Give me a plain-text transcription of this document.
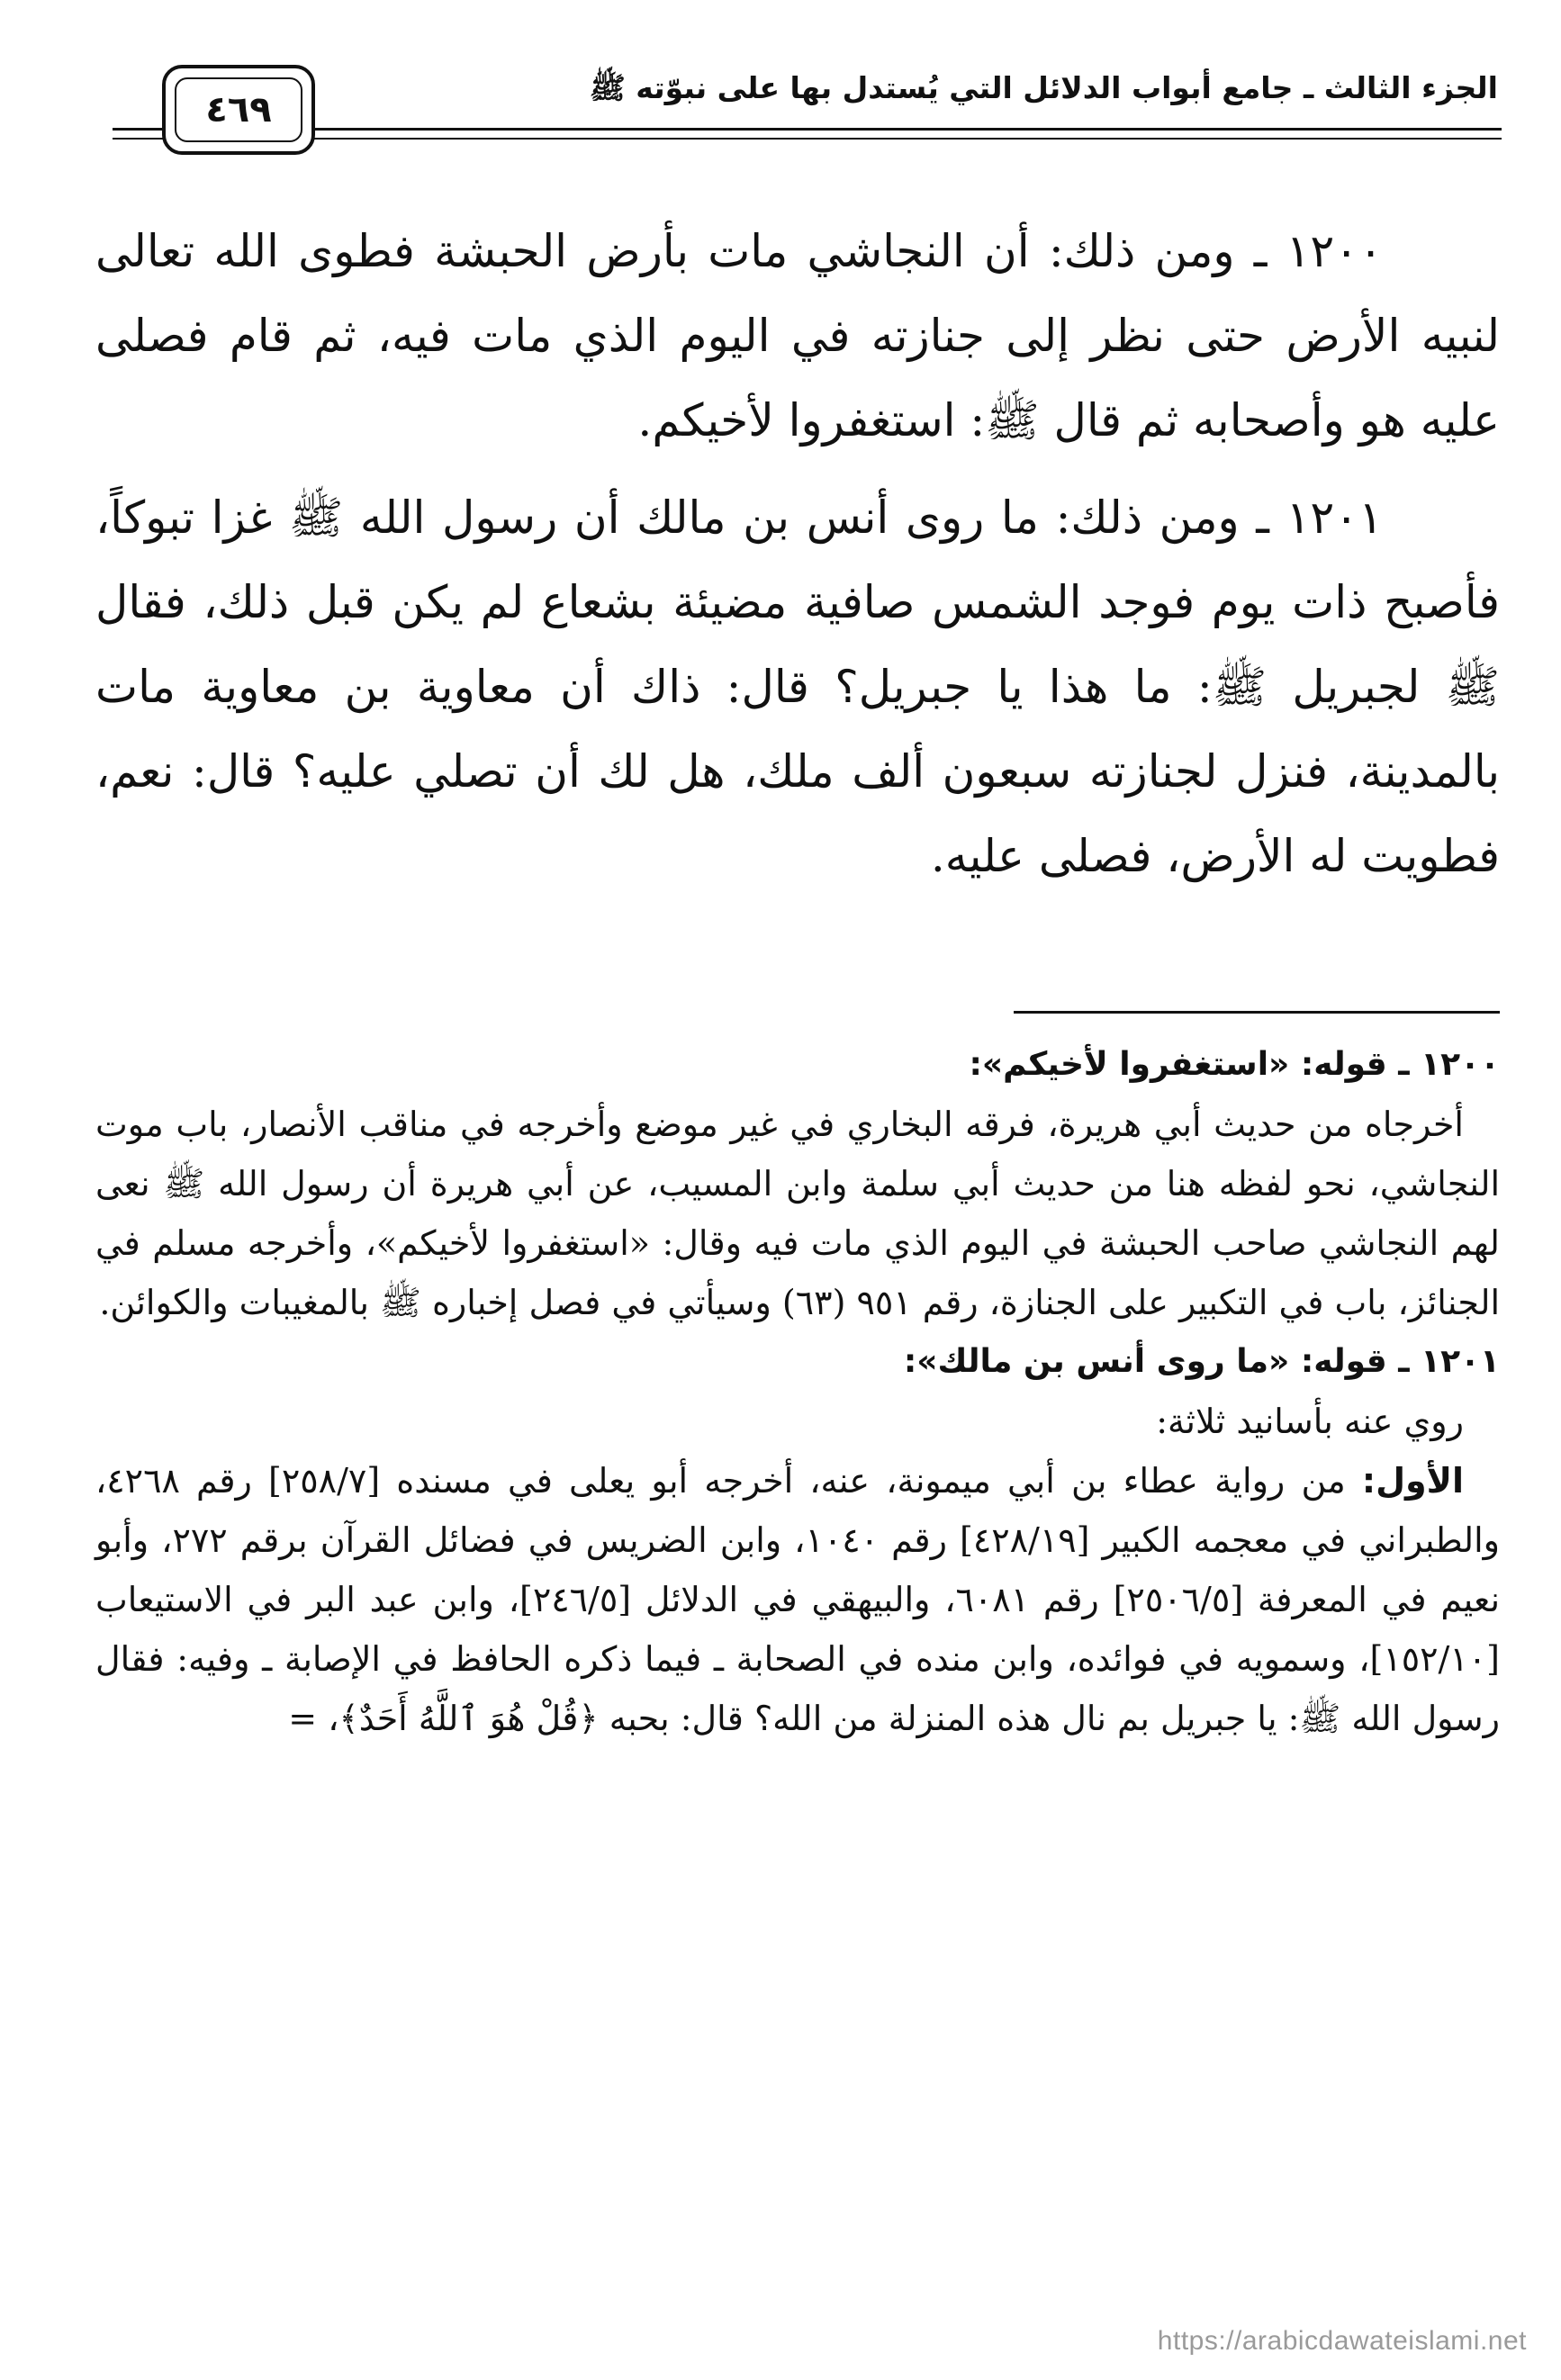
الجزء الثالث ـ جامع أبواب الدلائل التي يُستدل بها على نبوّته ﷺ
٤٦٩

١٢٠٠ ـ ومن ذلك: أن النجاشي مات بأرض الحبشة فطوى الله تعالى لنبيه الأرض حتى نظر إلى جنازته في اليوم الذي مات فيه، ثم قام فصلى عليه هو وأصحابه ثم قال ﷺ: استغفروا لأخيكم.

١٢٠١ ـ ومن ذلك: ما روى أنس بن مالك أن رسول الله ﷺ غزا تبوكاً، فأصبح ذات يوم فوجد الشمس صافية مضيئة بشعاع لم يكن قبل ذلك، فقال ﷺ لجبريل ﷺ: ما هذا يا جبريل؟ قال: ذاك أن معاوية بن معاوية مات بالمدينة، فنزل لجنازته سبعون ألف ملك، هل لك أن تصلي عليه؟ قال: نعم، فطويت له الأرض، فصلى عليه.

١٢٠٠ ـ قوله: «استغفروا لأخيكم»:

أخرجاه من حديث أبي هريرة، فرقه البخاري في غير موضع وأخرجه في مناقب الأنصار، باب موت النجاشي، نحو لفظه هنا من حديث أبي سلمة وابن المسيب، عن أبي هريرة أن رسول الله ﷺ نعى لهم النجاشي صاحب الحبشة في اليوم الذي مات فيه وقال: «استغفروا لأخيكم»، وأخرجه مسلم في الجنائز، باب في التكبير على الجنازة، رقم ٩٥١ (٦٣) وسيأتي في فصل إخباره ﷺ بالمغيبات والكوائن.

١٢٠١ ـ قوله: «ما روى أنس بن مالك»:

روي عنه بأسانيد ثلاثة:

الأول: من رواية عطاء بن أبي ميمونة، عنه، أخرجه أبو يعلى في مسنده [٢٥٨/٧] رقم ٤٢٦٨، والطبراني في معجمه الكبير [٤٢٨/١٩] رقم ١٠٤٠، وابن الضريس في فضائل القرآن برقم ٢٧٢، وأبو نعيم في المعرفة [٢٥٠٦/٥] رقم ٦٠٨١، والبيهقي في الدلائل [٢٤٦/٥]، وابن عبد البر في الاستيعاب [١٥٢/١٠]، وسمويه في فوائده، وابن منده في الصحابة ـ فيما ذكره الحافظ في الإصابة ـ وفيه: فقال رسول الله ﷺ: يا جبريل بم نال هذه المنزلة من الله؟ قال: بحبه ﴿قُلْ هُوَ ٱللَّهُ أَحَدٌ﴾، =

https://arabicdawateislami.net
